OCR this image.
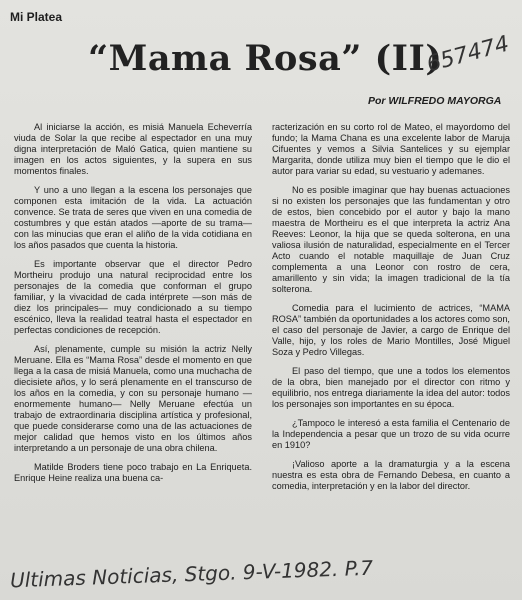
Mi Platea
“Mama Rosa” (II)
657474
Por WILFREDO MAYORGA

Al iniciarse la acción, es misiá Manuela Echeverría viuda de Solar la que recibe al espectador en una muy digna interpretación de Maló Gatica, quien mantiene su imagen en los actos siguientes, y la supera en sus momentos finales.

Y uno a uno llegan a la escena los personajes que componen esta imitación de la vida. La actuación convence. Se trata de seres que viven en una comedia de costumbres y que están atados —aporte de su trama— con las minucias que eran el aliño de la vida cotidiana en los años pasados que cuenta la historia.

Es importante observar que el director Pedro Mortheiru produjo una natural reciprocidad entre los personajes de la comedia que conforman el grupo familiar, y la vivacidad de cada intérprete —son más de diez los principales— muy condicionado a su tiempo escénico, lleva la realidad teatral hasta el espectador en perfectas condiciones de recepción.

Así, plenamente, cumple su misión la actriz Nelly Meruane. Ella es “Mama Rosa” desde el momento en que llega a la casa de misiá Manuela, como una muchacha de diecisiete años, y lo será plenamente en el transcurso de los años en la comedia, y con su personaje humano —enormemente humano— Nelly Meruane efectúa un trabajo de extraordinaria disciplina artística y profesional, que puede considerarse como una de las actuaciones de mejor calidad que hemos visto en los últimos años interpretando a un personaje de una obra chilena.

Matilde Broders tiene poco trabajo en La Enriqueta. Enrique Heine realiza una buena ca-

racterización en su corto rol de Mateo, el mayordomo del fundo; la Mama Chana es una excelente labor de Maruja Cifuentes y vemos a Silvia Santelices y su ejemplar Margarita, donde utiliza muy bien el tiempo que le dio el autor para variar su edad, su vestuario y ademanes.

No es posible imaginar que hay buenas actuaciones si no existen los personajes que las fundamentan y otro de estos, bien concebido por el autor y bajo la mano maestra de Mortheiru es el que interpreta la actriz Ana Reeves: Leonor, la hija que se queda solterona, en una valiosa ilusión de naturalidad, especialmente en el Tercer Acto cuando el notable maquillaje de Juan Cruz complementa a una Leonor con rostro de cera, amarillento y sin vida; la imagen tradicional de la tía solterona.

Comedia para el lucimiento de actrices, “MAMA ROSA” también da oportunidades a los actores como son, el caso del personaje de Javier, a cargo de Enrique del Valle, hijo, y los roles de Mario Montilles, José Miguel Soza y Pedro Villegas.

El paso del tiempo, que une a todos los elementos de la obra, bien manejado por el director con ritmo y equilibrio, nos entrega diariamente la idea del autor: todos los personajes son importantes en su época.

¿Tampoco le interesó a esta familia el Centenario de la Independencia a pesar que un trozo de su vida ocurre en 1910?

¡Valioso aporte a la dramaturgia y a la escena nuestra es esta obra de Fernando Debesa, en cuanto a comedia, interpretación y en la labor del director.

Ultimas Noticias, Stgo. 9-V-1982. P.7
